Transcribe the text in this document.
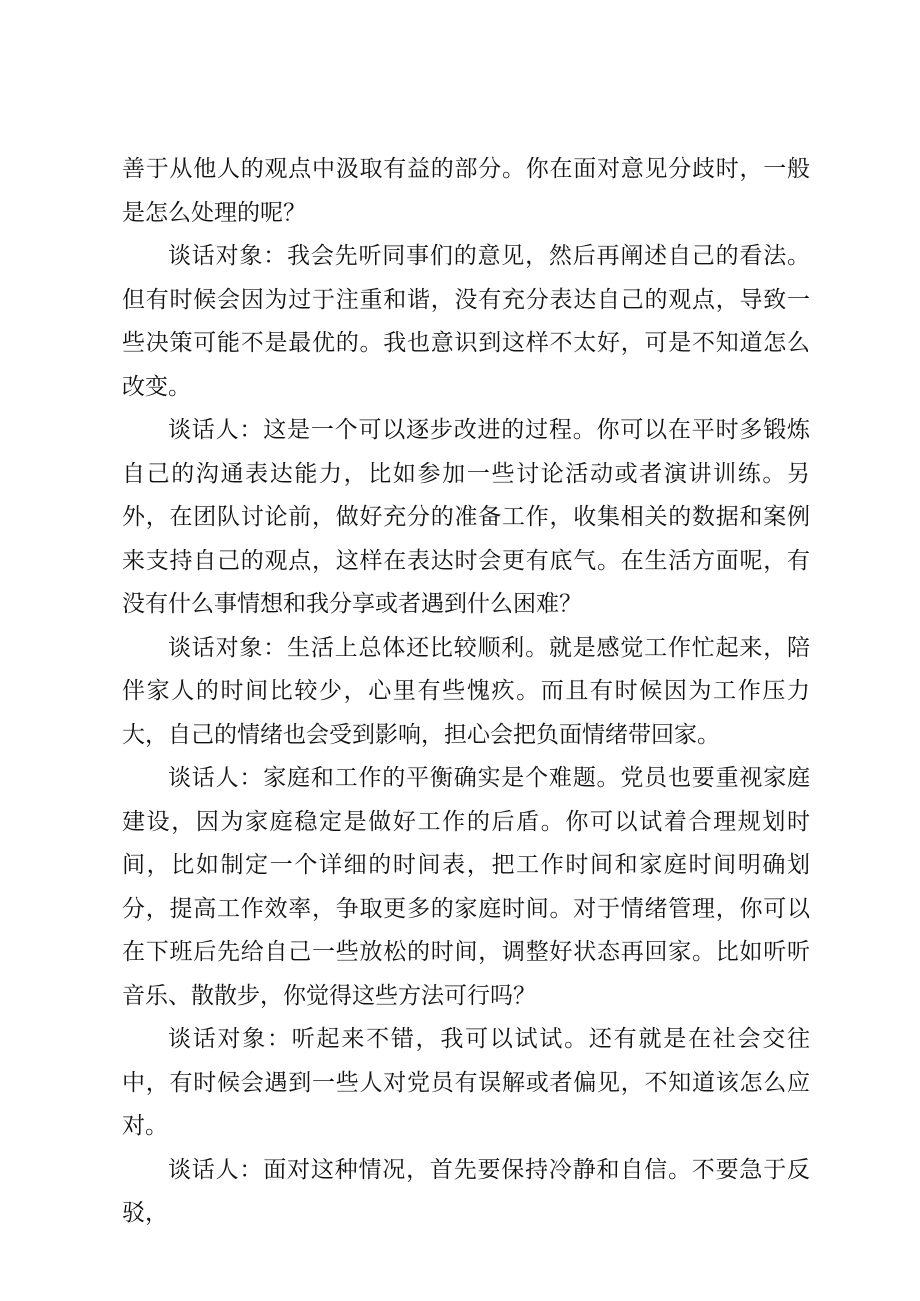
善于从他人的观点中汲取有益的部分。你在面对意见分歧时，一般是怎么处理的呢？

谈话对象：我会先听同事们的意见，然后再阐述自己的看法。但有时候会因为过于注重和谐，没有充分表达自己的观点，导致一些决策可能不是最优的。我也意识到这样不太好，可是不知道怎么改变。

谈话人：这是一个可以逐步改进的过程。你可以在平时多锻炼自己的沟通表达能力，比如参加一些讨论活动或者演讲训练。另外，在团队讨论前，做好充分的准备工作，收集相关的数据和案例来支持自己的观点，这样在表达时会更有底气。在生活方面呢，有没有什么事情想和我分享或者遇到什么困难？

谈话对象：生活上总体还比较顺利。就是感觉工作忙起来，陪伴家人的时间比较少，心里有些愧疚。而且有时候因为工作压力大，自己的情绪也会受到影响，担心会把负面情绪带回家。

谈话人：家庭和工作的平衡确实是个难题。党员也要重视家庭建设，因为家庭稳定是做好工作的后盾。你可以试着合理规划时间，比如制定一个详细的时间表，把工作时间和家庭时间明确划分，提高工作效率，争取更多的家庭时间。对于情绪管理，你可以在下班后先给自己一些放松的时间，调整好状态再回家。比如听听音乐、散散步，你觉得这些方法可行吗？

谈话对象：听起来不错，我可以试试。还有就是在社会交往中，有时候会遇到一些人对党员有误解或者偏见，不知道该怎么应对。

谈话人：面对这种情况，首先要保持冷静和自信。不要急于反驳，
